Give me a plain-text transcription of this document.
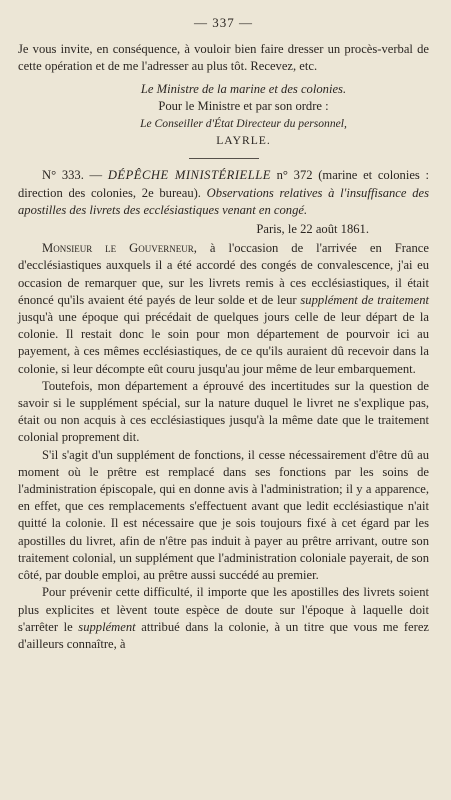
— 337 —

Je vous invite, en conséquence, à vouloir bien faire dresser un procès-verbal de cette opération et de me l'adresser au plus tôt. Recevez, etc.

Le Ministre de la marine et des colonies.
Pour le Ministre et par son ordre :
Le Conseiller d'État Directeur du personnel,
LAYRLE.

N° 333. — DÉPÊCHE MINISTÉRIELLE n° 372 (marine et colonies : direction des colonies, 2e bureau). Observations relatives à l'insuffisance des apostilles des livrets des ecclésiastiques venant en congé.

Paris, le 22 août 1861.

Monsieur le Gouverneur, à l'occasion de l'arrivée en France d'ecclésiastiques auxquels il a été accordé des congés de convalescence, j'ai eu occasion de remarquer que, sur les livrets remis à ces ecclésiastiques, il était énoncé qu'ils avaient été payés de leur solde et de leur supplément de traitement jusqu'à une époque qui précédait de quelques jours celle de leur départ de la colonie. Il restait donc le soin pour mon département de pourvoir ici au payement, à ces mêmes ecclésiastiques, de ce qu'ils auraient dû recevoir dans la colonie, si leur décompte eût couru jusqu'au jour même de leur embarquement.

Toutefois, mon département a éprouvé des incertitudes sur la question de savoir si le supplément spécial, sur la nature duquel le livret ne s'explique pas, était ou non acquis à ces ecclésiastiques jusqu'à la même date que le traitement colonial proprement dit.

S'il s'agit d'un supplément de fonctions, il cesse nécessairement d'être dû au moment où le prêtre est remplacé dans ses fonctions par les soins de l'administration épiscopale, qui en donne avis à l'administration; il y a apparence, en effet, que ces remplacements s'effectuent avant que ledit ecclésiastique n'ait quitté la colonie. Il est nécessaire que je sois toujours fixé à cet égard par les apostilles du livret, afin de n'être pas induit à payer au prêtre arrivant, outre son traitement colonial, un supplément que l'administration coloniale payerait, de son côté, par double emploi, au prêtre aussi succédé au premier.

Pour prévenir cette difficulté, il importe que les apostilles des livrets soient plus explicites et lèvent toute espèce de doute sur l'époque à laquelle doit s'arrêter le supplément attribué dans la colonie, à un titre que vous me ferez d'ailleurs connaître, à
